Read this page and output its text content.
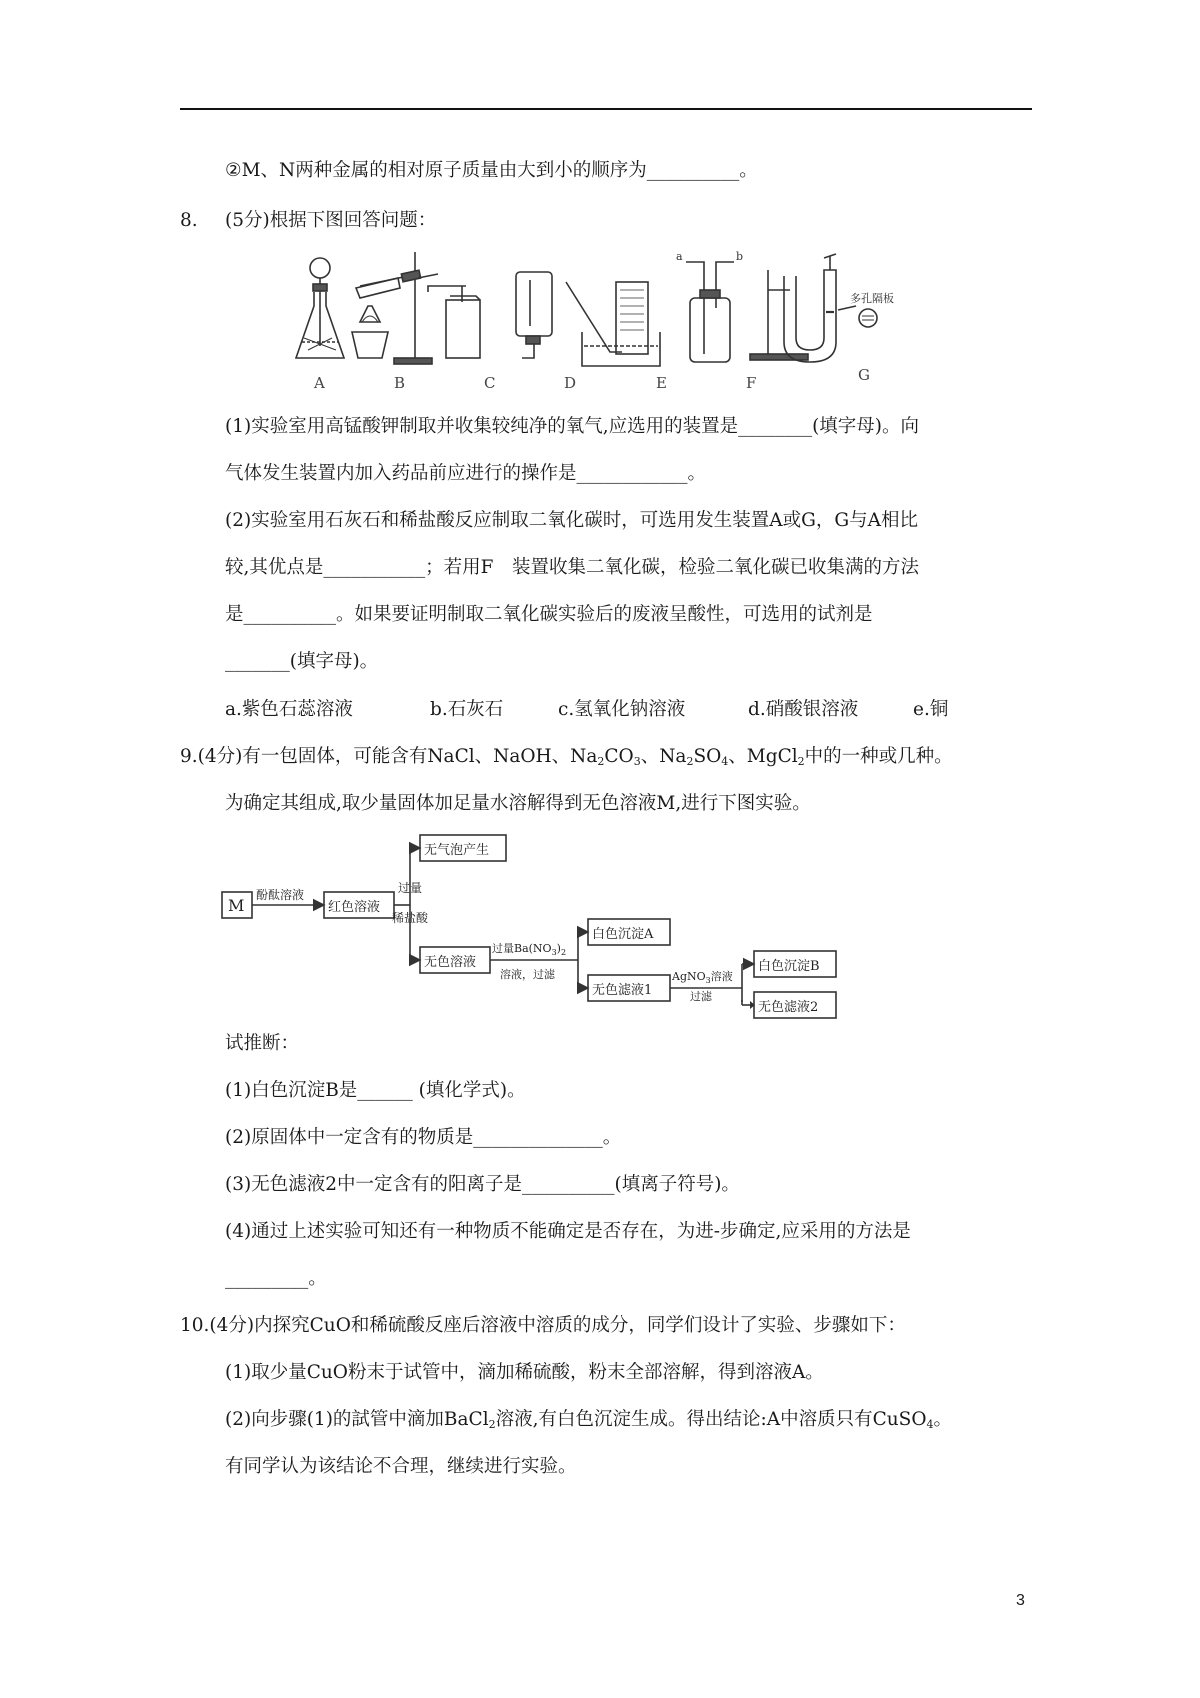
②M、N两种金属的相对原子质量由大到小的顺序为__________。
8. (5分)根据下图回答问题：
a	b
多孔隔板
A	B	C	D	E	F	G
(1)实验室用高锰酸钾制取并收集较纯净的氧气,应选用的装置是________(填字母)。向
气体发生装置内加入药品前应进行的操作是____________。
(2)实验室用石灰石和稀盐酸反应制取二氧化碳时，可选用发生装置A或G，G与A相比
较,其优点是___________；若用F　装置收集二氧化碳，检验二氧化碳已收集满的方法
是__________。如果要证明制取二氧化碳实验后的废液呈酸性，可选用的试剂是
_______(填字母)。
a.紫色石蕊溶液	b.石灰石	c.氢氧化钠溶液	d.硝酸银溶液	e.铜
9.(4分)有一包固体，可能含有NaCl、NaOH、$Na_2CO_3$、$Na_2SO_4$、MgCl$_2$中的一种或几种。
为确定其组成,取少量固体加足量水溶解得到无色溶液M,进行下图实验。
M
酚酞溶液
红色溶液
过量
稀盐酸
无气泡产生
无色溶液
过量$Ba(NO_3)_2$
溶液，过滤
白色沉淀A
无色滤液1
AgNO$_3$溶液
过滤
白色沉淀B
无色滤液2
试推断：
(1)白色沉淀B是______ (填化学式)。
(2)原固体中一定含有的物质是______________。
(3)无色滤液2中一定含有的阳离子是__________(填离子符号)。
(4)通过上述实验可知还有一种物质不能确定是否存在，为进-步确定,应采用的方法是
_________。
10.(4分)内探究CuO和稀硫酸反座后溶液中溶质的成分，同学们设计了实验、步骤如下：
(1)取少量CuO粉末于试管中，滴加稀硫酸，粉末全部溶解，得到溶液A。
(2)向步骤(1)的試管中滴加BaCl$_2$溶液,有白色沉淀生成。得出结论:A中溶质只有CuSO$_4$。
有同学认为该结论不合理，继续进行实验。
3
